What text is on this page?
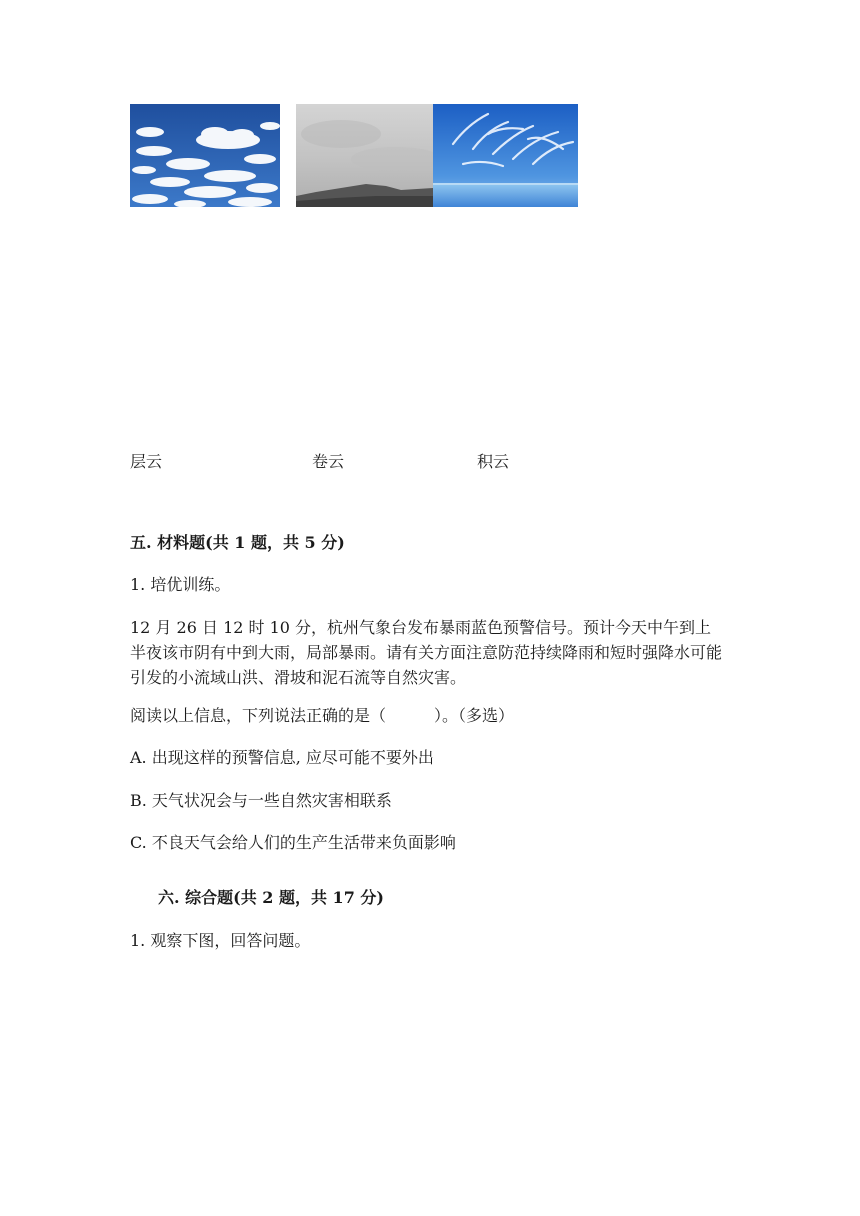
层云	卷云	积云
五. 材料题(共 1 题，共 5 分)
1. 培优训练。
12 月 26 日 12 时 10 分，杭州气象台发布暴雨蓝色预警信号。预计今天中午到上半夜该市阴有中到大雨，局部暴雨。请有关方面注意防范持续降雨和短时强降水可能引发的小流域山洪、滑坡和泥石流等自然灾害。
阅读以上信息，下列说法正确的是（　　　）。（多选）
A. 出现这样的预警信息, 应尽可能不要外出
B. 天气状况会与一些自然灾害相联系
C. 不良天气会给人们的生产生活带来负面影响
六. 综合题(共 2 题，共 17 分)
1. 观察下图，回答问题。
